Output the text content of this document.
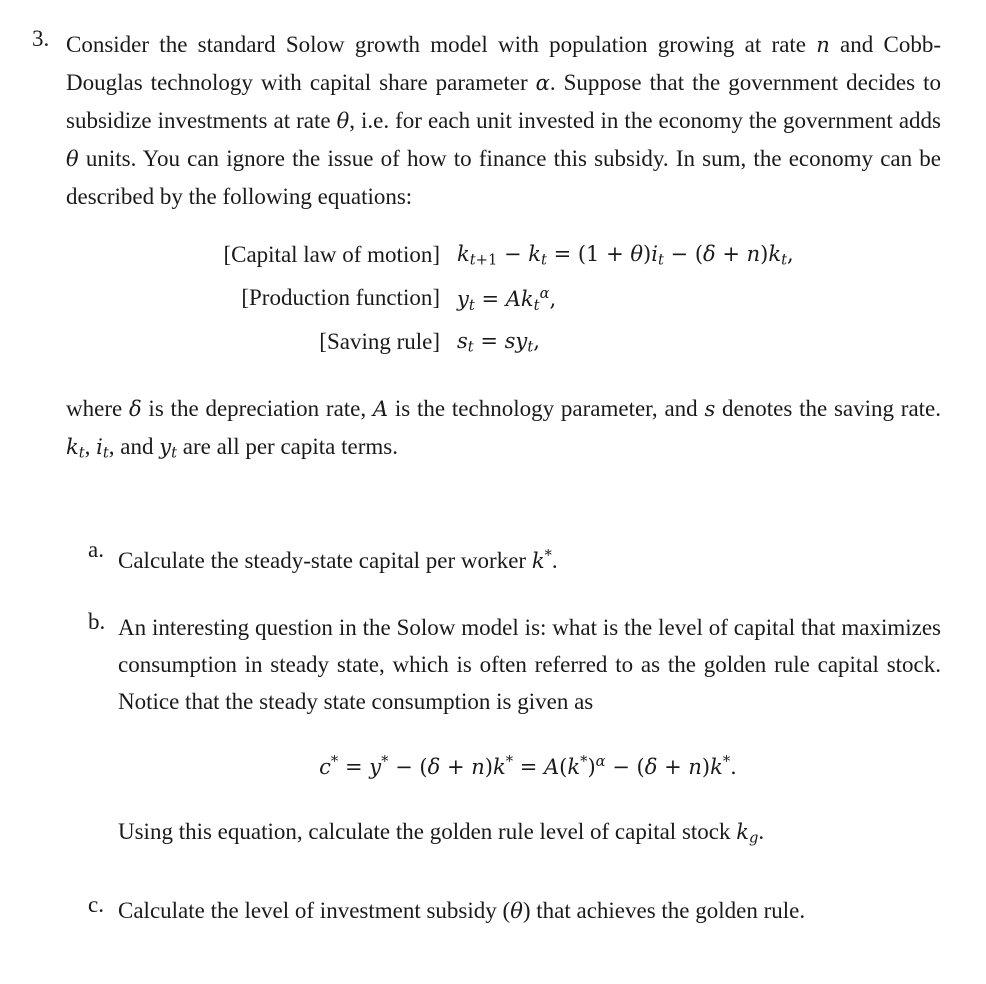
3. Consider the standard Solow growth model with population growing at rate n and Cobb-Douglas technology with capital share parameter α. Suppose that the government decides to subsidize investments at rate θ, i.e. for each unit invested in the economy the government adds θ units. You can ignore the issue of how to finance this subsidy. In sum, the economy can be described by the following equations:
[Capital law of motion] $k_{t+1} - k_t = (1 + \theta)i_t - (\delta + n)k_t$,
[Production function] $y_t = Ak_t^\alpha$,
[Saving rule] $s_t = sy_t$,
where δ is the depreciation rate, A is the technology parameter, and s denotes the saving rate. $k_t$, $i_t$, and $y_t$ are all per capita terms.
a. Calculate the steady-state capital per worker k*.
b. An interesting question in the Solow model is: what is the level of capital that maximizes consumption in steady state, which is often referred to as the golden rule capital stock. Notice that the steady state consumption is given as
$c^* = y^* - (\delta + n)k^* = A(k^*)^\alpha - (\delta + n)k^*$.
Using this equation, calculate the golden rule level of capital stock $k_g$.
c. Calculate the level of investment subsidy (θ) that achieves the golden rule.
